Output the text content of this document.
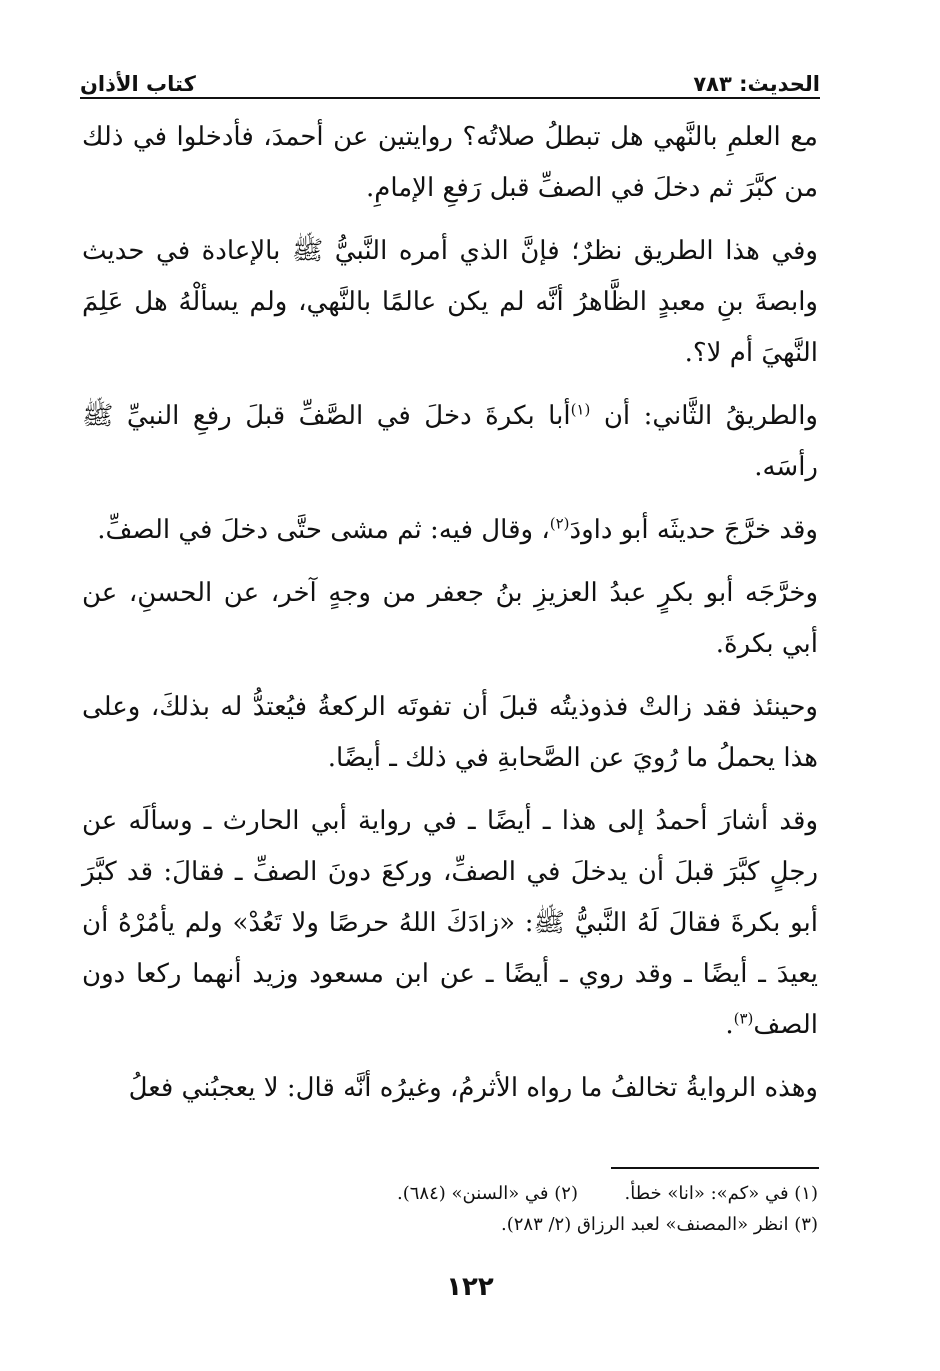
الحديث: ٧٨٣
كتاب الأذان

مع العلمِ بالنَّهي هل تبطلُ صلاتُه؟ روايتين عن أحمدَ، فأدخلوا في ذلك من كبَّرَ ثم دخلَ في الصفِّ قبل رَفعِ الإمامِ.

وفي هذا الطريق نظرٌ؛ فإنَّ الذي أمره النَّبيُّ ﷺ بالإعادة في حديث وابصةَ بنِ معبدٍ الظَّاهرُ أنَّه لم يكن عالمًا بالنَّهي، ولم يسألْهُ هل عَلِمَ النَّهيَ أم لا؟.

والطريقُ الثَّاني: أن $^{(١)}$أبا بكرةَ دخلَ في الصَّفِّ قبلَ رفعِ النبيِّ ﷺ رأسَه.

وقد خرَّجَ حديثَه أبو داودَ$^{(٢)}$، وقال فيه: ثم مشى حتَّى دخلَ في الصفِّ.

وخرَّجَه أبو بكرٍ عبدُ العزيزِ بنُ جعفر من وجهٍ آخر، عن الحسنِ، عن أبي بكرةَ.

وحينئذ فقد زالتْ فذوذيتُه قبلَ أن تفوتَه الركعةُ فيُعتدُّ له بذلكَ، وعلى هذا يحملُ ما رُويَ عن الصَّحابةِ في ذلك ـ أيضًا.

وقد أشارَ أحمدُ إلى هذا ـ أيضًا ـ في رواية أبي الحارث ـ وسألَه عن رجلٍ كبَّرَ قبلَ أن يدخلَ في الصفِّ، وركعَ دونَ الصفِّ ـ فقالَ: قد كبَّرَ أبو بكرةَ فقالَ لَهُ النَّبيُّ ﷺ: «زادَكَ اللهُ حرصًا ولا تَعُدْ» ولم يأمُرْهُ أن يعيدَ ـ أيضًا ـ وقد روي ـ أيضًا ـ عن ابن مسعود وزيد أنهما ركعا دون الصف$^{(٣)}$.

وهذه الروايةُ تخالفُ ما رواه الأثرمُ، وغيرُه أنَّه قال: لا يعجبُني فعلُ

(١) في «ك‍م»: «انا» خطأ.
(٢) في «السنن» (٦٨٤).
(٣) انظر «المصنف» لعبد الرزاق (٢/ ٢٨٣).
١٢٢
